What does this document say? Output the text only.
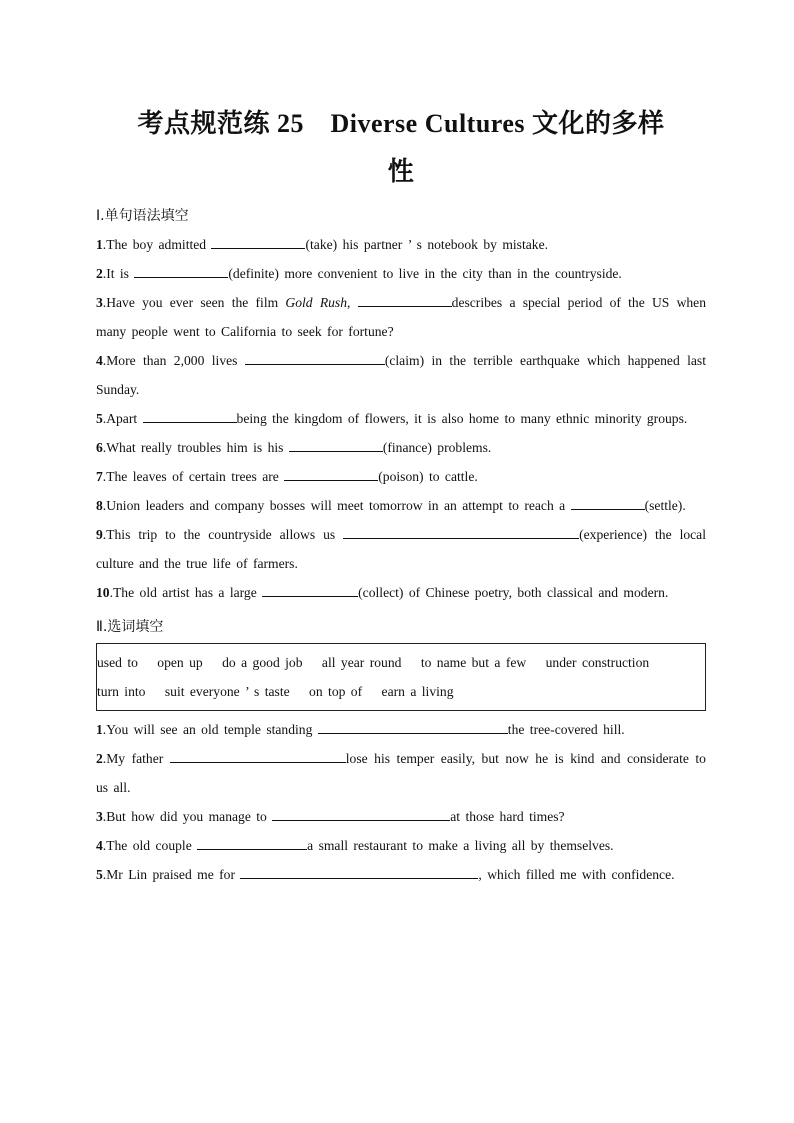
考点规范练 25　Diverse Cultures 文化的多样
性
Ⅰ.单句语法填空
1.The boy admitted	(take) his partner ’ s notebook by mistake.
2.It is	(definite) more convenient to live in the city than in the countryside.
3.Have you ever seen the film Gold Rush,	describes a special period of the US when many people went to California to seek for fortune?
4.More than 2,000 lives	(claim) in the terrible earthquake which happened last Sunday.
5.Apart	being the kingdom of flowers, it is also home to many ethnic minority groups.
6.What really troubles him is his	(finance) problems.
7.The leaves of certain trees are	(poison) to cattle.
8.Union leaders and company bosses will meet tomorrow in an attempt to reach a	(settle).
9.This trip to the countryside allows us	(experience) the local culture and the true life of farmers.
10.The old artist has a large	(collect) of Chinese poetry, both classical and modern.
Ⅱ.选词填空
used to open up do a good job all year round to name but a few under construction
turn into suit everyone ’ s taste on top of earn a living
1.You will see an old temple standing	the tree-covered hill.
2.My father	lose his temper easily, but now he is kind and considerate to us all.
3.But how did you manage to	at those hard times?
4.The old couple	a small restaurant to make a living all by themselves.
5.Mr Lin praised me for	, which filled me with confidence.
